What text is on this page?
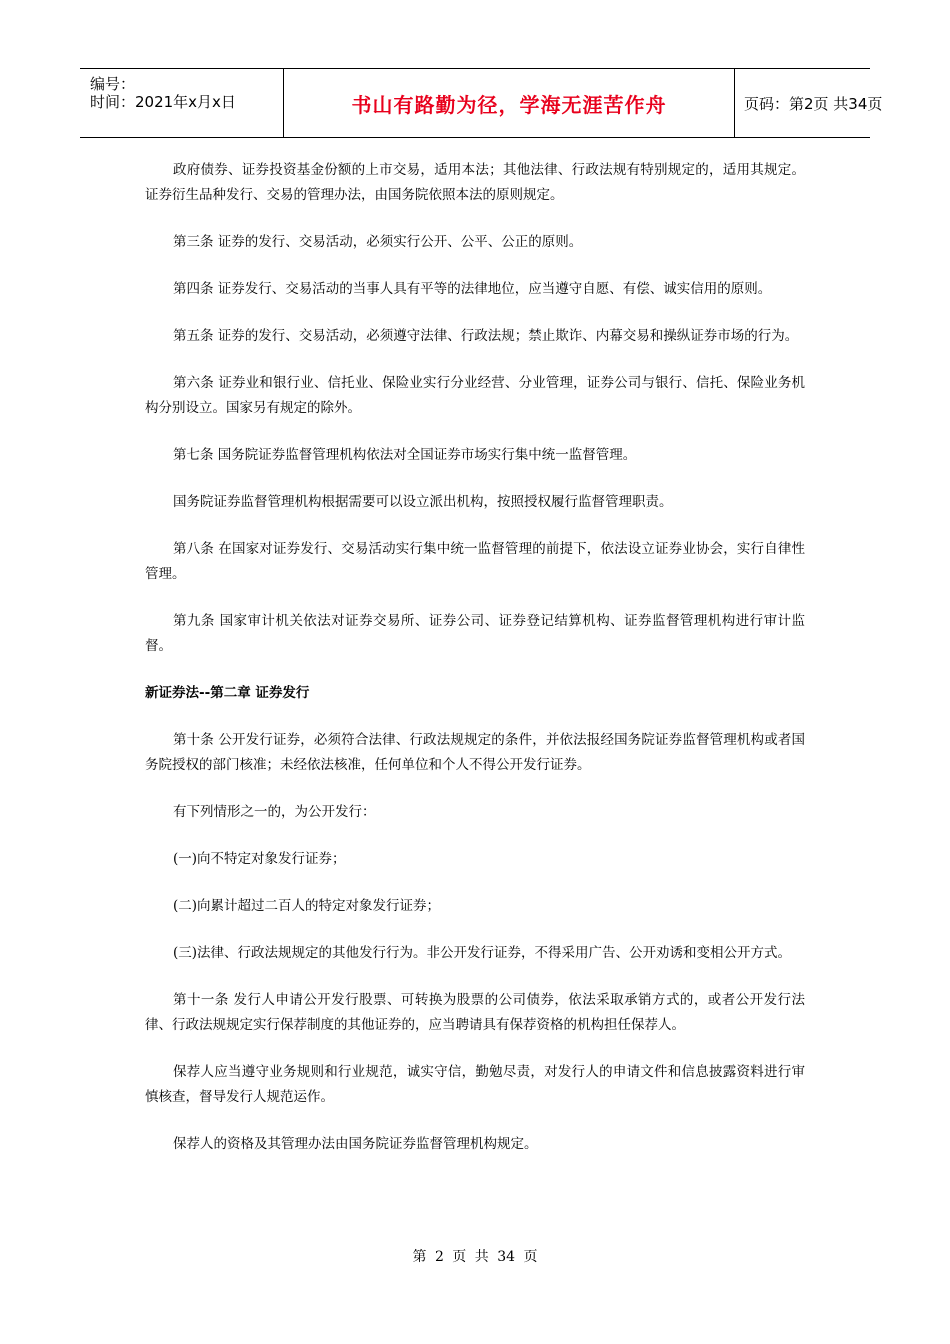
编号：
时间：2021年x月x日	书山有路勤为径，学海无涯苦作舟	页码：第2页 共34页

政府债券、证券投资基金份额的上市交易，适用本法；其他法律、行政法规有特别规定的，适用其规定。证券衍生品种发行、交易的管理办法，由国务院依照本法的原则规定。

第三条 证券的发行、交易活动，必须实行公开、公平、公正的原则。

第四条 证券发行、交易活动的当事人具有平等的法律地位，应当遵守自愿、有偿、诚实信用的原则。

第五条 证券的发行、交易活动，必须遵守法律、行政法规；禁止欺诈、内幕交易和操纵证券市场的行为。

第六条 证券业和银行业、信托业、保险业实行分业经营、分业管理，证券公司与银行、信托、保险业务机构分别设立。国家另有规定的除外。

第七条 国务院证券监督管理机构依法对全国证券市场实行集中统一监督管理。

国务院证券监督管理机构根据需要可以设立派出机构，按照授权履行监督管理职责。

第八条 在国家对证券发行、交易活动实行集中统一监督管理的前提下，依法设立证券业协会，实行自律性管理。

第九条 国家审计机关依法对证券交易所、证券公司、证券登记结算机构、证券监督管理机构进行审计监督。

新证券法--第二章 证券发行

第十条 公开发行证券，必须符合法律、行政法规规定的条件，并依法报经国务院证券监督管理机构或者国务院授权的部门核准；未经依法核准，任何单位和个人不得公开发行证券。

有下列情形之一的，为公开发行：

(一)向不特定对象发行证券；

(二)向累计超过二百人的特定对象发行证券；

(三)法律、行政法规规定的其他发行行为。非公开发行证券，不得采用广告、公开劝诱和变相公开方式。

第十一条 发行人申请公开发行股票、可转换为股票的公司债券，依法采取承销方式的，或者公开发行法律、行政法规规定实行保荐制度的其他证券的，应当聘请具有保荐资格的机构担任保荐人。

保荐人应当遵守业务规则和行业规范，诚实守信，勤勉尽责，对发行人的申请文件和信息披露资料进行审慎核查，督导发行人规范运作。

保荐人的资格及其管理办法由国务院证券监督管理机构规定。

第 2 页 共 34 页
